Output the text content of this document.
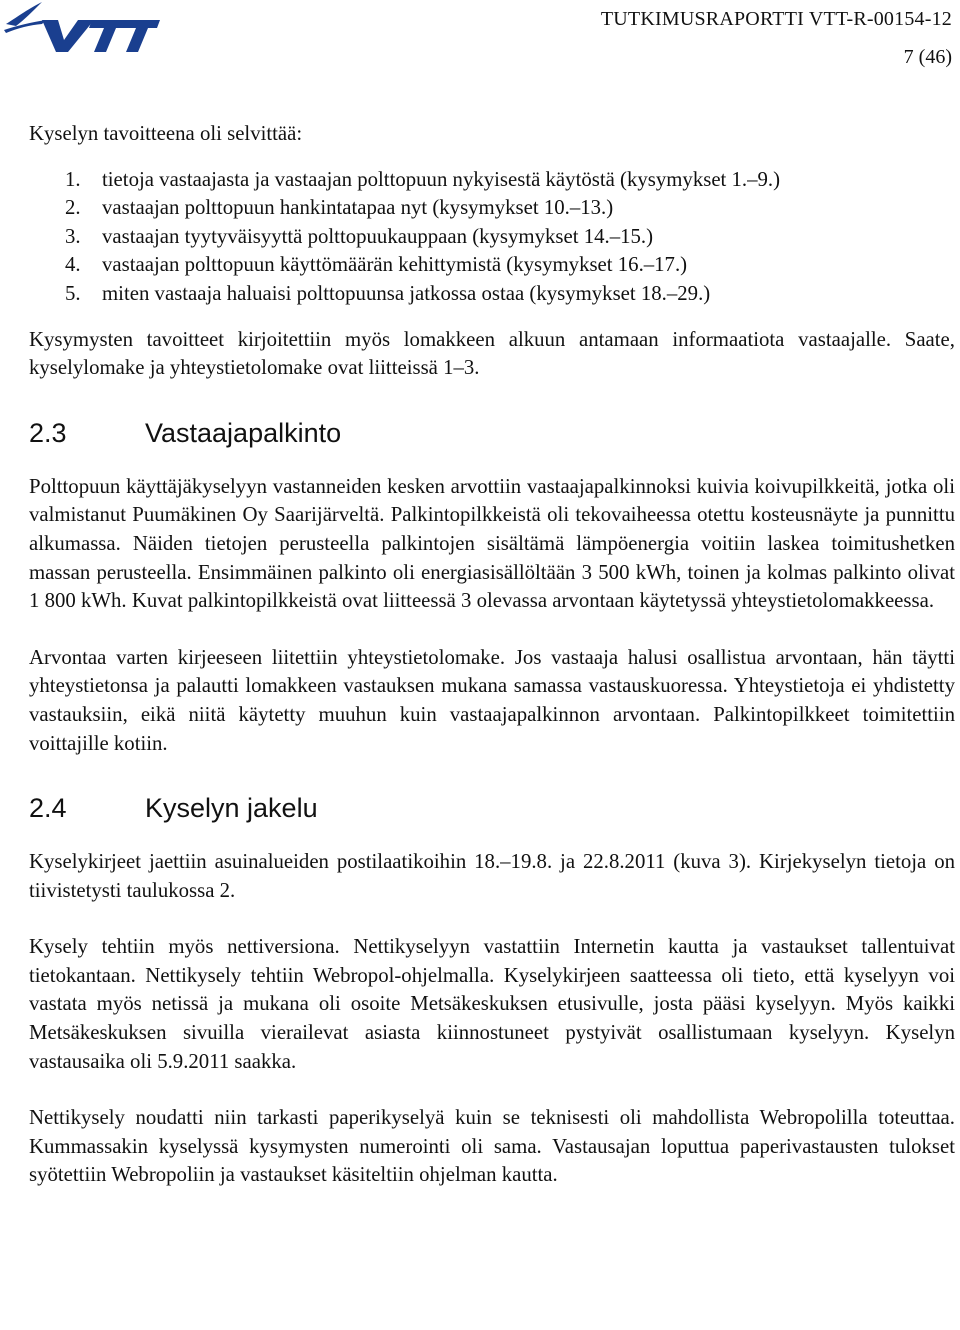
TUTKIMUSRAPORTTI VTT-R-00154-12
7 (46)

Kyselyn tavoitteena oli selvittää:

1. tietoja vastaajasta ja vastaajan polttopuun nykyisestä käytöstä (kysymykset 1.–9.)
2. vastaajan polttopuun hankintatapaa nyt (kysymykset 10.–13.)
3. vastaajan tyytyväisyyttä polttopuukauppaan (kysymykset 14.–15.)
4. vastaajan polttopuun käyttömäärän kehittymistä (kysymykset 16.–17.)
5. miten vastaaja haluaisi polttopuunsa jatkossa ostaa (kysymykset 18.–29.)

Kysymysten tavoitteet kirjoitettiin myös lomakkeen alkuun antamaan informaatiota vastaajalle. Saate, kyselylomake ja yhteystietolomake ovat liitteissä 1–3.

2.3	Vastaajapalkinto

Polttopuun käyttäjäkyselyyn vastanneiden kesken arvottiin vastaajapalkinnoksi kuivia koivupilkkeitä, jotka oli valmistanut Puumäkinen Oy Saarijärveltä. Palkintopilkkeistä oli tekovaiheessa otettu kosteusnäyte ja punnittu alkumassa. Näiden tietojen perusteella palkintojen sisältämä lämpöenergia voitiin laskea toimitushetken massan perusteella. Ensimmäinen palkinto oli energiasisällöltään 3 500 kWh, toinen ja kolmas palkinto olivat 1 800 kWh. Kuvat palkintopilkkeistä ovat liitteessä 3 olevassa arvontaan käytetyssä yhteystietolomakkeessa.

Arvontaa varten kirjeeseen liitettiin yhteystietolomake. Jos vastaaja halusi osallistua arvontaan, hän täytti yhteystietonsa ja palautti lomakkeen vastauksen mukana samassa vastauskuoressa. Yhteystietoja ei yhdistetty vastauksiin, eikä niitä käytetty muuhun kuin vastaajapalkinnon arvontaan. Palkintopilkkeet toimitettiin voittajille kotiin.

2.4	Kyselyn jakelu

Kyselykirjeet jaettiin asuinalueiden postilaatikoihin 18.–19.8. ja 22.8.2011 (kuva 3). Kirjekyselyn tietoja on tiivistetysti taulukossa 2.

Kysely tehtiin myös nettiversiona. Nettikyselyyn vastattiin Internetin kautta ja vastaukset tallentuivat tietokantaan. Nettikysely tehtiin Webropol-ohjelmalla. Kyselykirjeen saatteessa oli tieto, että kyselyyn voi vastata myös netissä ja mukana oli osoite Metsäkeskuksen etusivulle, josta pääsi kyselyyn. Myös kaikki Metsäkeskuksen sivuilla vierailevat asiasta kiinnostuneet pystyivät osallistumaan kyselyyn. Kyselyn vastausaika oli 5.9.2011 saakka.

Nettikysely noudatti niin tarkasti paperikyselyä kuin se teknisesti oli mahdollista Webropolilla toteuttaa. Kummassakin kyselyssä kysymysten numerointi oli sama. Vastausajan loputtua paperivastausten tulokset syötettiin Webropoliin ja vastaukset käsiteltiin ohjelman kautta.
